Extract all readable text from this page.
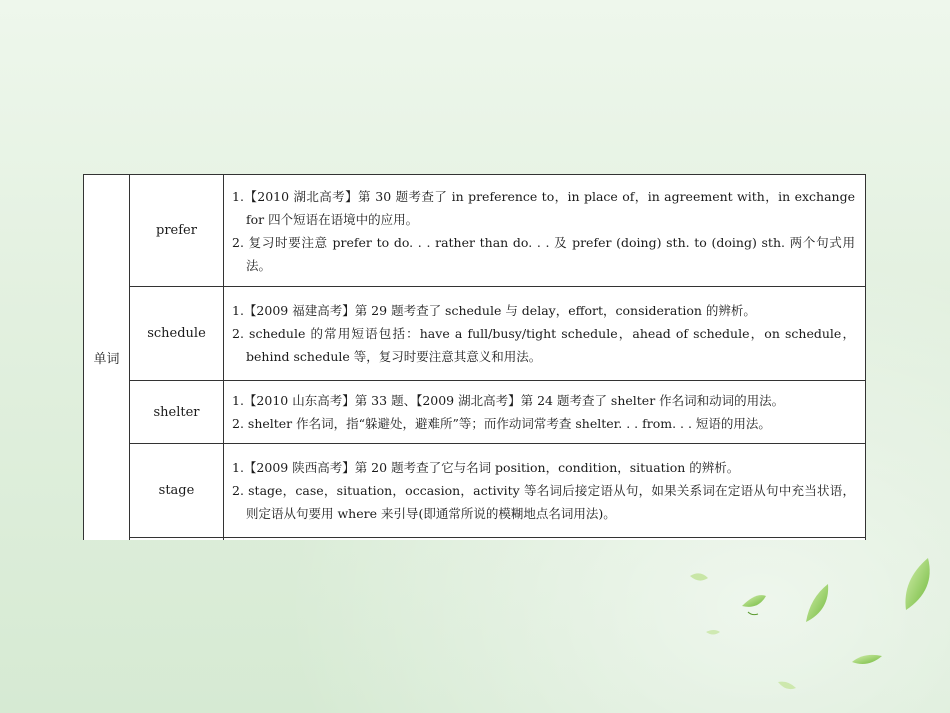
单词	prefer	1.【2010 湖北高考】第 30 题考查了 in preference to，in place of，in agreement with，in exchange for 四个短语在语境中的应用。
2. 复习时要注意 prefer to do. . . rather than do. . . 及 prefer (doing) sth. to (doing) sth. 两个句式用法。

	schedule	1.【2009 福建高考】第 29 题考查了 schedule 与 delay，effort，consideration 的辨析。
2. schedule 的常用短语包括：have a full/busy/tight schedule，ahead of schedule，on schedule，behind schedule 等，复习时要注意其意义和用法。

	shelter	1.【2010 山东高考】第 33 题、【2009 湖北高考】第 24 题考查了 shelter 作名词和动词的用法。
2. shelter 作名词，指“躲避处，避难所”等；而作动词常考查 shelter. . . from. . . 短语的用法。

	stage	1.【2009 陕西高考】第 20 题考查了它与名词 position，condition，situation 的辨析。
2. stage，case，situation，occasion，activity 等名词后接定语从句，如果关系词在定语从句中充当状语，则定语从句要用 where 来引导(即通常所说的模糊地点名词用法)。
